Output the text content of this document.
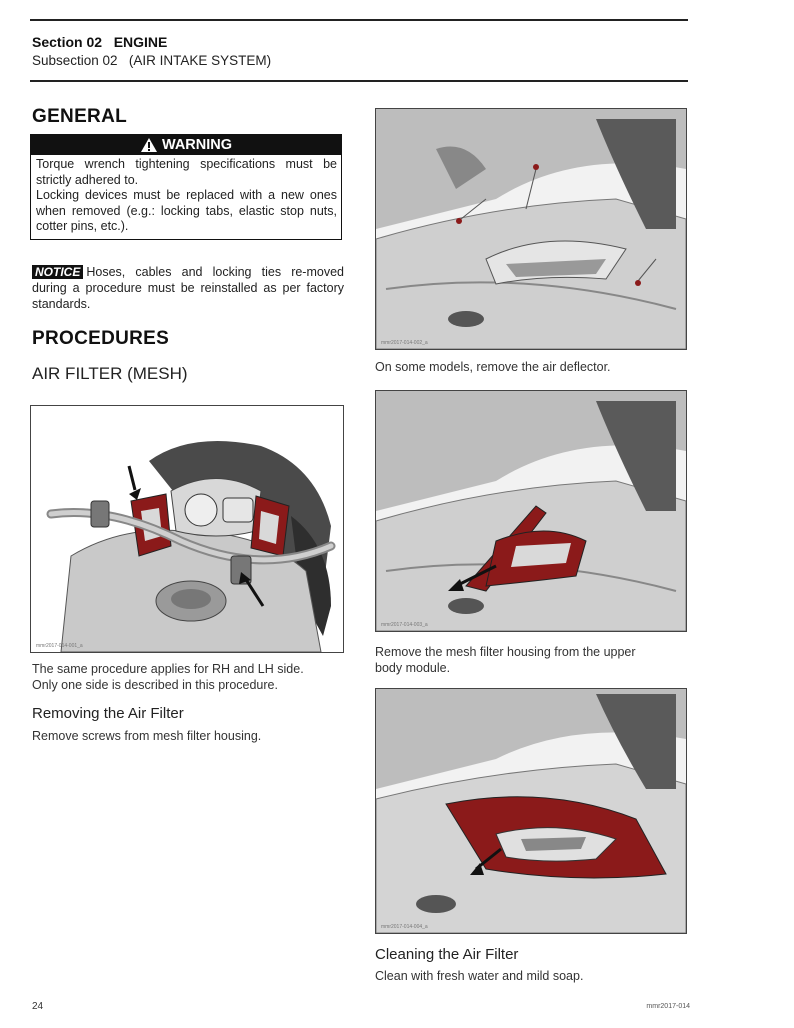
Section 02 ENGINE
Subsection 02 (AIR INTAKE SYSTEM)
GENERAL
WARNING
Torque wrench tightening specifications must be strictly adhered to.
Locking devices must be replaced with a new ones when removed (e.g.: locking tabs, elastic stop nuts, cotter pins, etc.).
NOTICE Hoses, cables and locking ties re-moved during a procedure must be reinstalled as per factory standards.
PROCEDURES
AIR FILTER (MESH)
mmr2017-014-001_a
The same procedure applies for RH and LH side.
Only one side is described in this procedure.
Removing the Air Filter
Remove screws from mesh filter housing.
mmr2017-014-002_a
On some models, remove the air deflector.
mmr2017-014-003_a
Remove the mesh filter housing from the upper
body module.
mmr2017-014-004_a
Cleaning the Air Filter
Clean with fresh water and mild soap.
24	mmr2017-014
